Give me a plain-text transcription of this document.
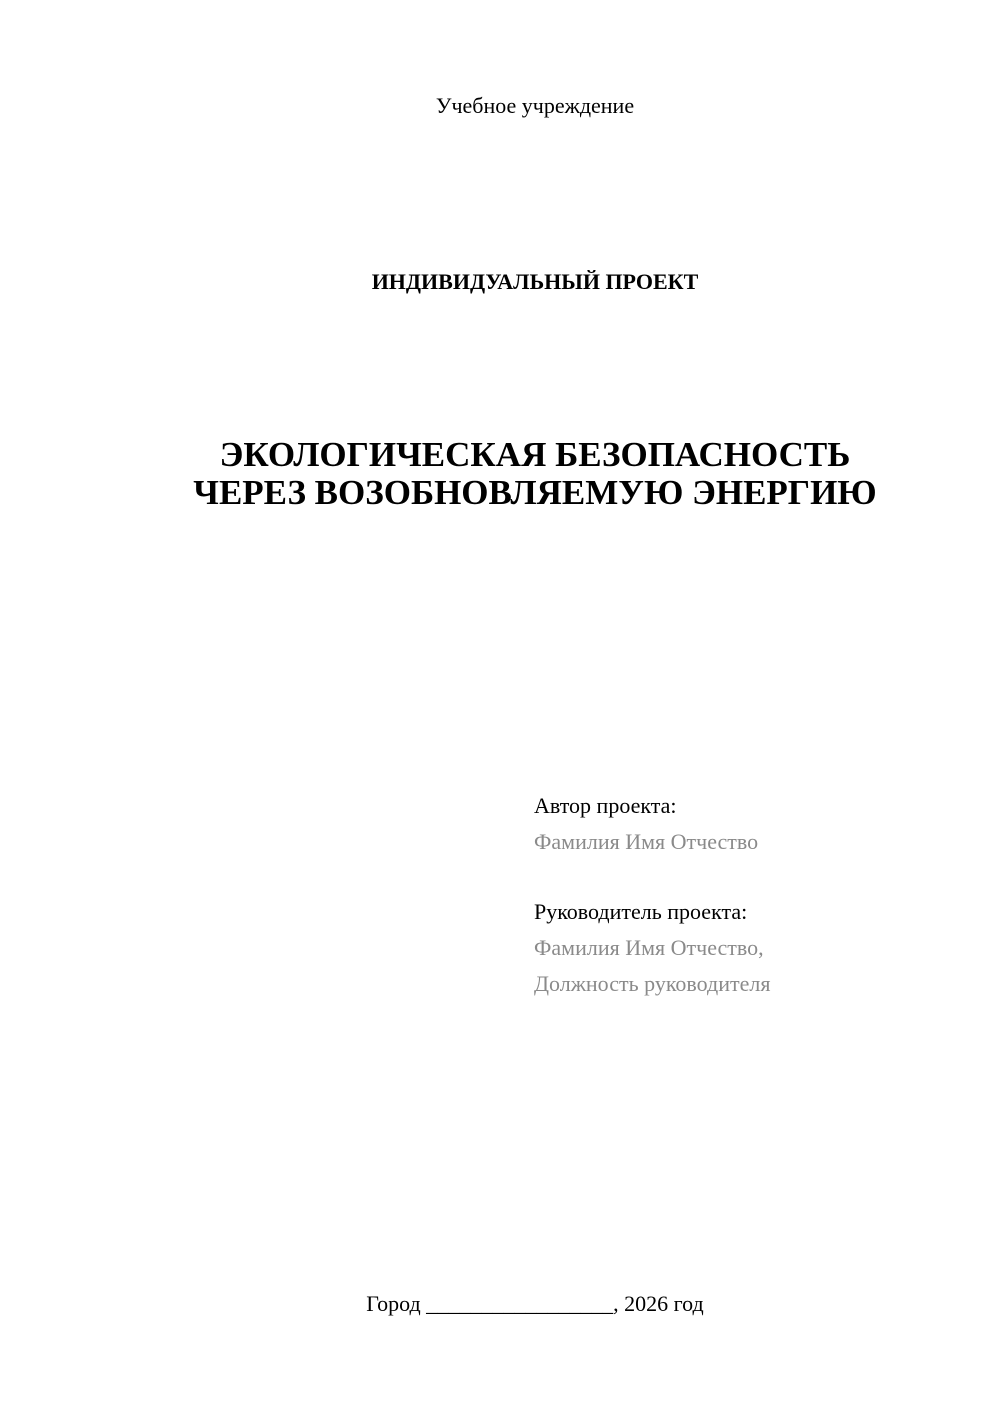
Учебное учреждение
ИНДИВИДУАЛЬНЫЙ ПРОЕКТ
ЭКОЛОГИЧЕСКАЯ БЕЗОПАСНОСТЬ
ЧЕРЕЗ ВОЗОБНОВЛЯЕМУЮ ЭНЕРГИЮ
Автор проекта:
Фамилия Имя Отчество
Руководитель проекта:
Фамилия Имя Отчество,
Должность руководителя
Город _________________, 2026 год
